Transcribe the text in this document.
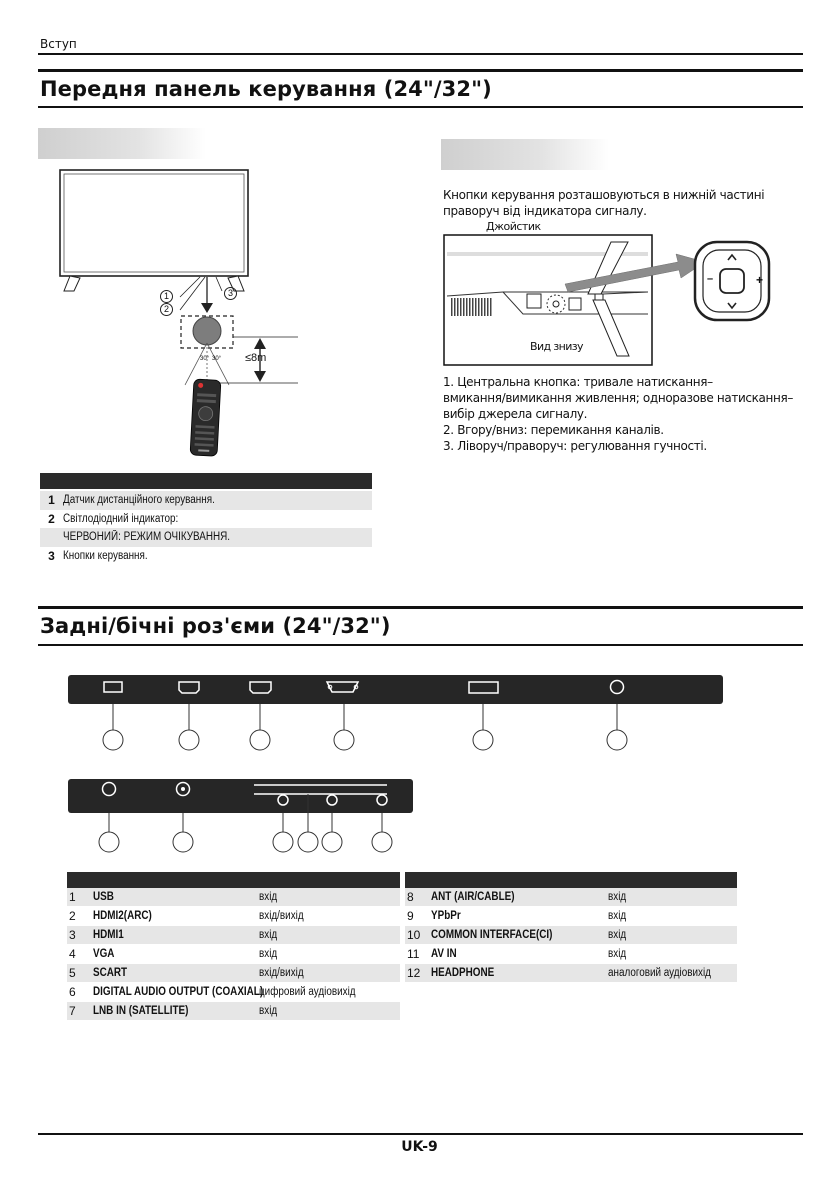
Вступ
Передня панель керування (24"/32")
1
2
3
≤8m
30° 30°
1 Датчик дистанційного керування.
2 Світлодіодний індикатор:
ЧЕРВОНИЙ: РЕЖИМ ОЧІКУВАННЯ.
3 Кнопки керування.
Кнопки керування розташовуються в нижній частині
праворуч від індикатора сигналу.
Джойстик
–	+
Вид знизу
1. Центральна кнопка: тривале натискання–
вмикання/вимикання живлення; одноразове натискання–
вибір джерела сигналу.
2. Вгору/вниз: перемикання каналів.
3. Ліворуч/праворуч: регулювання гучності.
Задні/бічні роз'єми (24"/32")
1	USB	вхід
2	HDMI2(ARC)	вхід/вихід
3	HDMI1	вхід
4	VGA	вхід
5	SCART	вхід/вихід
6	DIGITAL AUDIO OUTPUT (COAXIAL)
цифровий аудіовихід
7	LNB IN (SATELLITE)	вхід
8	ANT (AIR/CABLE)	вхід
9	YPbPr	вхід
10 COMMON INTERFACE(CI)	вхід
11	AV IN	вхід
12 HEADPHONE	аналоговий аудіовихід
UK-9
